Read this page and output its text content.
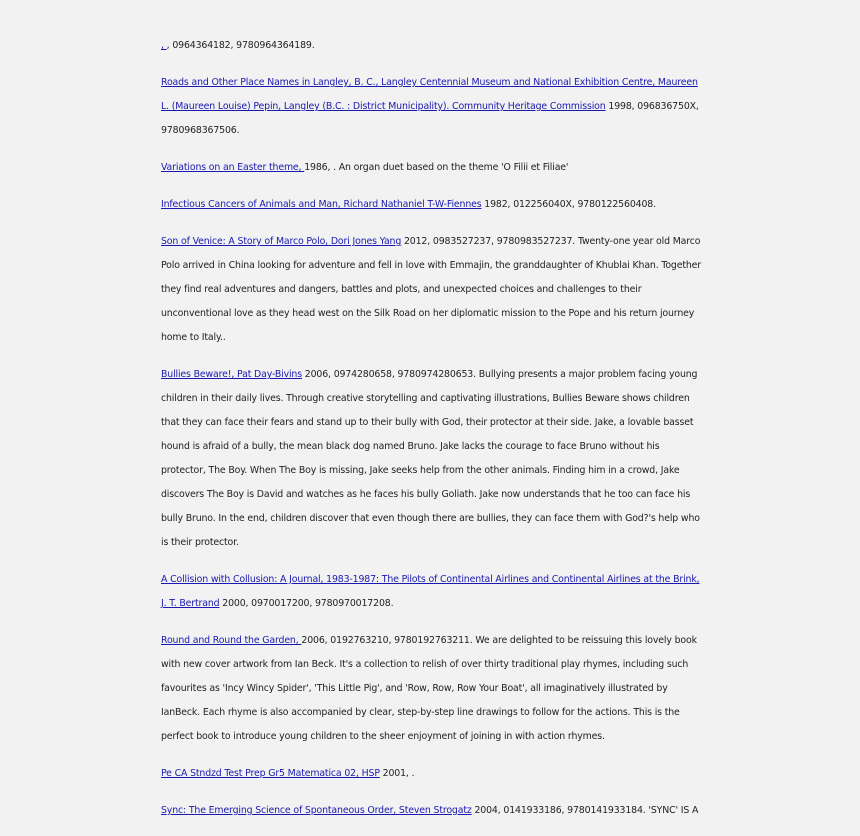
, , 0964364182, 9780964364189.
Roads and Other Place Names in Langley, B. C., Langley Centennial Museum and National Exhibition Centre, Maureen L. (Maureen Louise) Pepin, Langley (B.C. : District Municipality). Community Heritage Commission 1998, 096836750X, 9780968367506.
Variations on an Easter theme, 1986, . An organ duet based on the theme 'O Filii et Filiae'
Infectious Cancers of Animals and Man, Richard Nathaniel T-W-Fiennes 1982, 012256040X, 9780122560408.
Son of Venice: A Story of Marco Polo, Dori Jones Yang 2012, 0983527237, 9780983527237. Twenty-one year old Marco Polo arrived in China looking for adventure and fell in love with Emmajin, the granddaughter of Khublai Khan. Together they find real adventures and dangers, battles and plots, and unexpected choices and challenges to their unconventional love as they head west on the Silk Road on her diplomatic mission to the Pope and his return journey home to Italy..
Bullies Beware!, Pat Day-Bivins 2006, 0974280658, 9780974280653. Bullying presents a major problem facing young children in their daily lives. Through creative storytelling and captivating illustrations, Bullies Beware shows children that they can face their fears and stand up to their bully with God, their protector at their side. Jake, a lovable basset hound is afraid of a bully, the mean black dog named Bruno. Jake lacks the courage to face Bruno without his protector, The Boy. When The Boy is missing, Jake seeks help from the other animals. Finding him in a crowd, Jake discovers The Boy is David and watches as he faces his bully Goliath. Jake now understands that he too can face his bully Bruno. In the end, children discover that even though there are bullies, they can face them with God?'s help who is their protector.
A Collision with Collusion: A Journal, 1983-1987: The Pilots of Continental Airlines and Continental Airlines at the Brink, J. T. Bertrand 2000, 0970017200, 9780970017208.
Round and Round the Garden, 2006, 0192763210, 9780192763211. We are delighted to be reissuing this lovely book with new cover artwork from Ian Beck. It's a collection to relish of over thirty traditional play rhymes, including such favourites as 'Incy Wincy Spider', 'This Little Pig', and 'Row, Row, Row Your Boat', all imaginatively illustrated by IanBeck. Each rhyme is also accompanied by clear, step-by-step line drawings to follow for the actions. This is the perfect book to introduce young children to the sheer enjoyment of joining in with action rhymes.
Pe CA Stndzd Test Prep Gr5 Matematica 02, HSP 2001, .
Sync: The Emerging Science of Spontaneous Order, Steven Strogatz 2004, 0141933186, 9780141933184. 'SYNC' IS A
